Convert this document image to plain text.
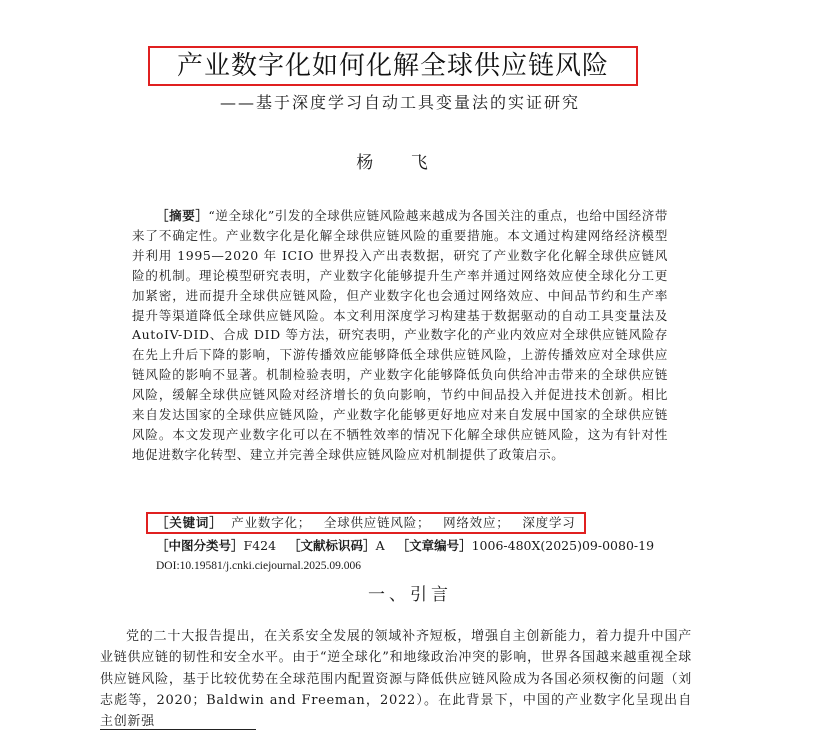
产业数字化如何化解全球供应链风险
——基于深度学习自动工具变量法的实证研究
杨 飞
［摘要］“逆全球化”引发的全球供应链风险越来越成为各国关注的重点，也给中国经济带来了不确定性。产业数字化是化解全球供应链风险的重要措施。本文通过构建网络经济模型并利用 1995—2020 年 ICIO 世界投入产出表数据，研究了产业数字化化解全球供应链风险的机制。理论模型研究表明，产业数字化能够提升生产率并通过网络效应使全球化分工更加紧密，进而提升全球供应链风险，但产业数字化也会通过网络效应、中间品节约和生产率提升等渠道降低全球供应链风险。本文利用深度学习构建基于数据驱动的自动工具变量法及 AutoIV-DID、合成 DID 等方法，研究表明，产业数字化的产业内效应对全球供应链风险存在先上升后下降的影响，下游传播效应能够降低全球供应链风险，上游传播效应对全球供应链风险的影响不显著。机制检验表明，产业数字化能够降低负向供给冲击带来的全球供应链风险，缓解全球供应链风险对经济增长的负向影响，节约中间品投入并促进技术创新。相比来自发达国家的全球供应链风险，产业数字化能够更好地应对来自发展中国家的全球供应链风险。本文发现产业数字化可以在不牺牲效率的情况下化解全球供应链风险，这为有针对性地促进数字化转型、建立并完善全球供应链风险应对机制提供了政策启示。
［关键词］ 产业数字化； 全球供应链风险； 网络效应； 深度学习
［中图分类号］F424 ［文献标识码］A ［文章编号］1006-480X(2025)09-0080-19
DOI:10.19581/j.cnki.ciejournal.2025.09.006
一、引言
党的二十大报告提出，在关系安全发展的领域补齐短板，增强自主创新能力，着力提升中国产业链供应链的韧性和安全水平。由于“逆全球化”和地缘政治冲突的影响，世界各国越来越重视全球供应链风险，基于比较优势在全球范围内配置资源与降低供应链风险成为各国必须权衡的问题（刘志彪等，2020；Baldwin and Freeman，2022）。在此背景下，中国的产业数字化呈现出自主创新强
